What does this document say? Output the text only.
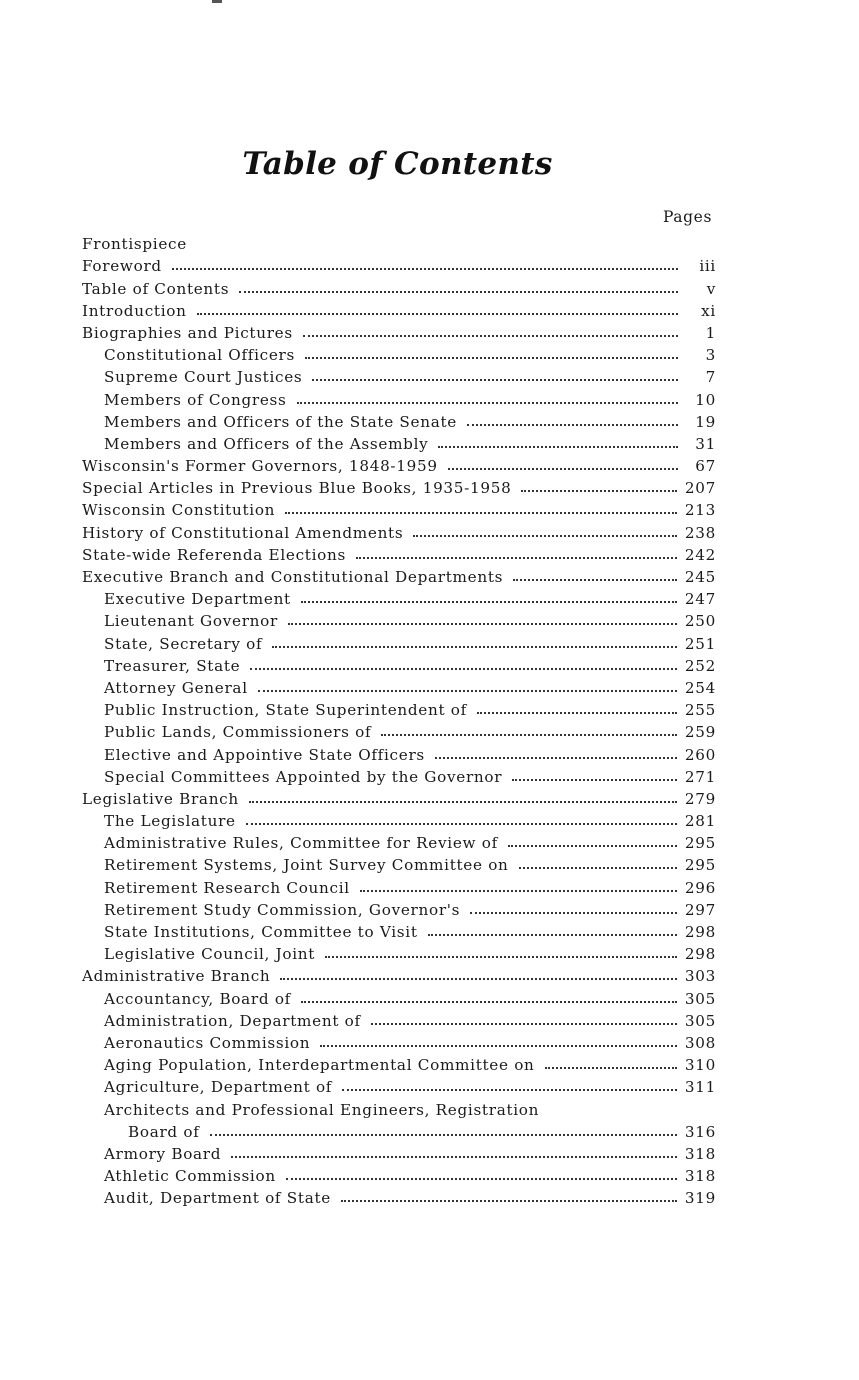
Table of Contents
Pages
Frontispiece
Foreword	iii
Table of Contents	v
Introduction	xi
Biographies and Pictures	1
Constitutional Officers	3
Supreme Court Justices	7
Members of Congress	10
Members and Officers of the State Senate	19
Members and Officers of the Assembly	31
Wisconsin's Former Governors, 1848-1959	67
Special Articles in Previous Blue Books, 1935-1958	207
Wisconsin Constitution	213
History of Constitutional Amendments	238
State-wide Referenda Elections	242
Executive Branch and Constitutional Departments	245
Executive Department	247
Lieutenant Governor	250
State, Secretary of	251
Treasurer, State	252
Attorney General	254
Public Instruction, State Superintendent of	255
Public Lands, Commissioners of	259
Elective and Appointive State Officers	260
Special Committees Appointed by the Governor	271
Legislative Branch	279
The Legislature	281
Administrative Rules, Committee for Review of	295
Retirement Systems, Joint Survey Committee on	295
Retirement Research Council	296
Retirement Study Commission, Governor's	297
State Institutions, Committee to Visit	298
Legislative Council, Joint	298
Administrative Branch	303
Accountancy, Board of	305
Administration, Department of	305
Aeronautics Commission	308
Aging Population, Interdepartmental Committee on	310
Agriculture, Department of	311
Architects and Professional Engineers, Registration
Board of	316
Armory Board	318
Athletic Commission	318
Audit, Department of State	319
